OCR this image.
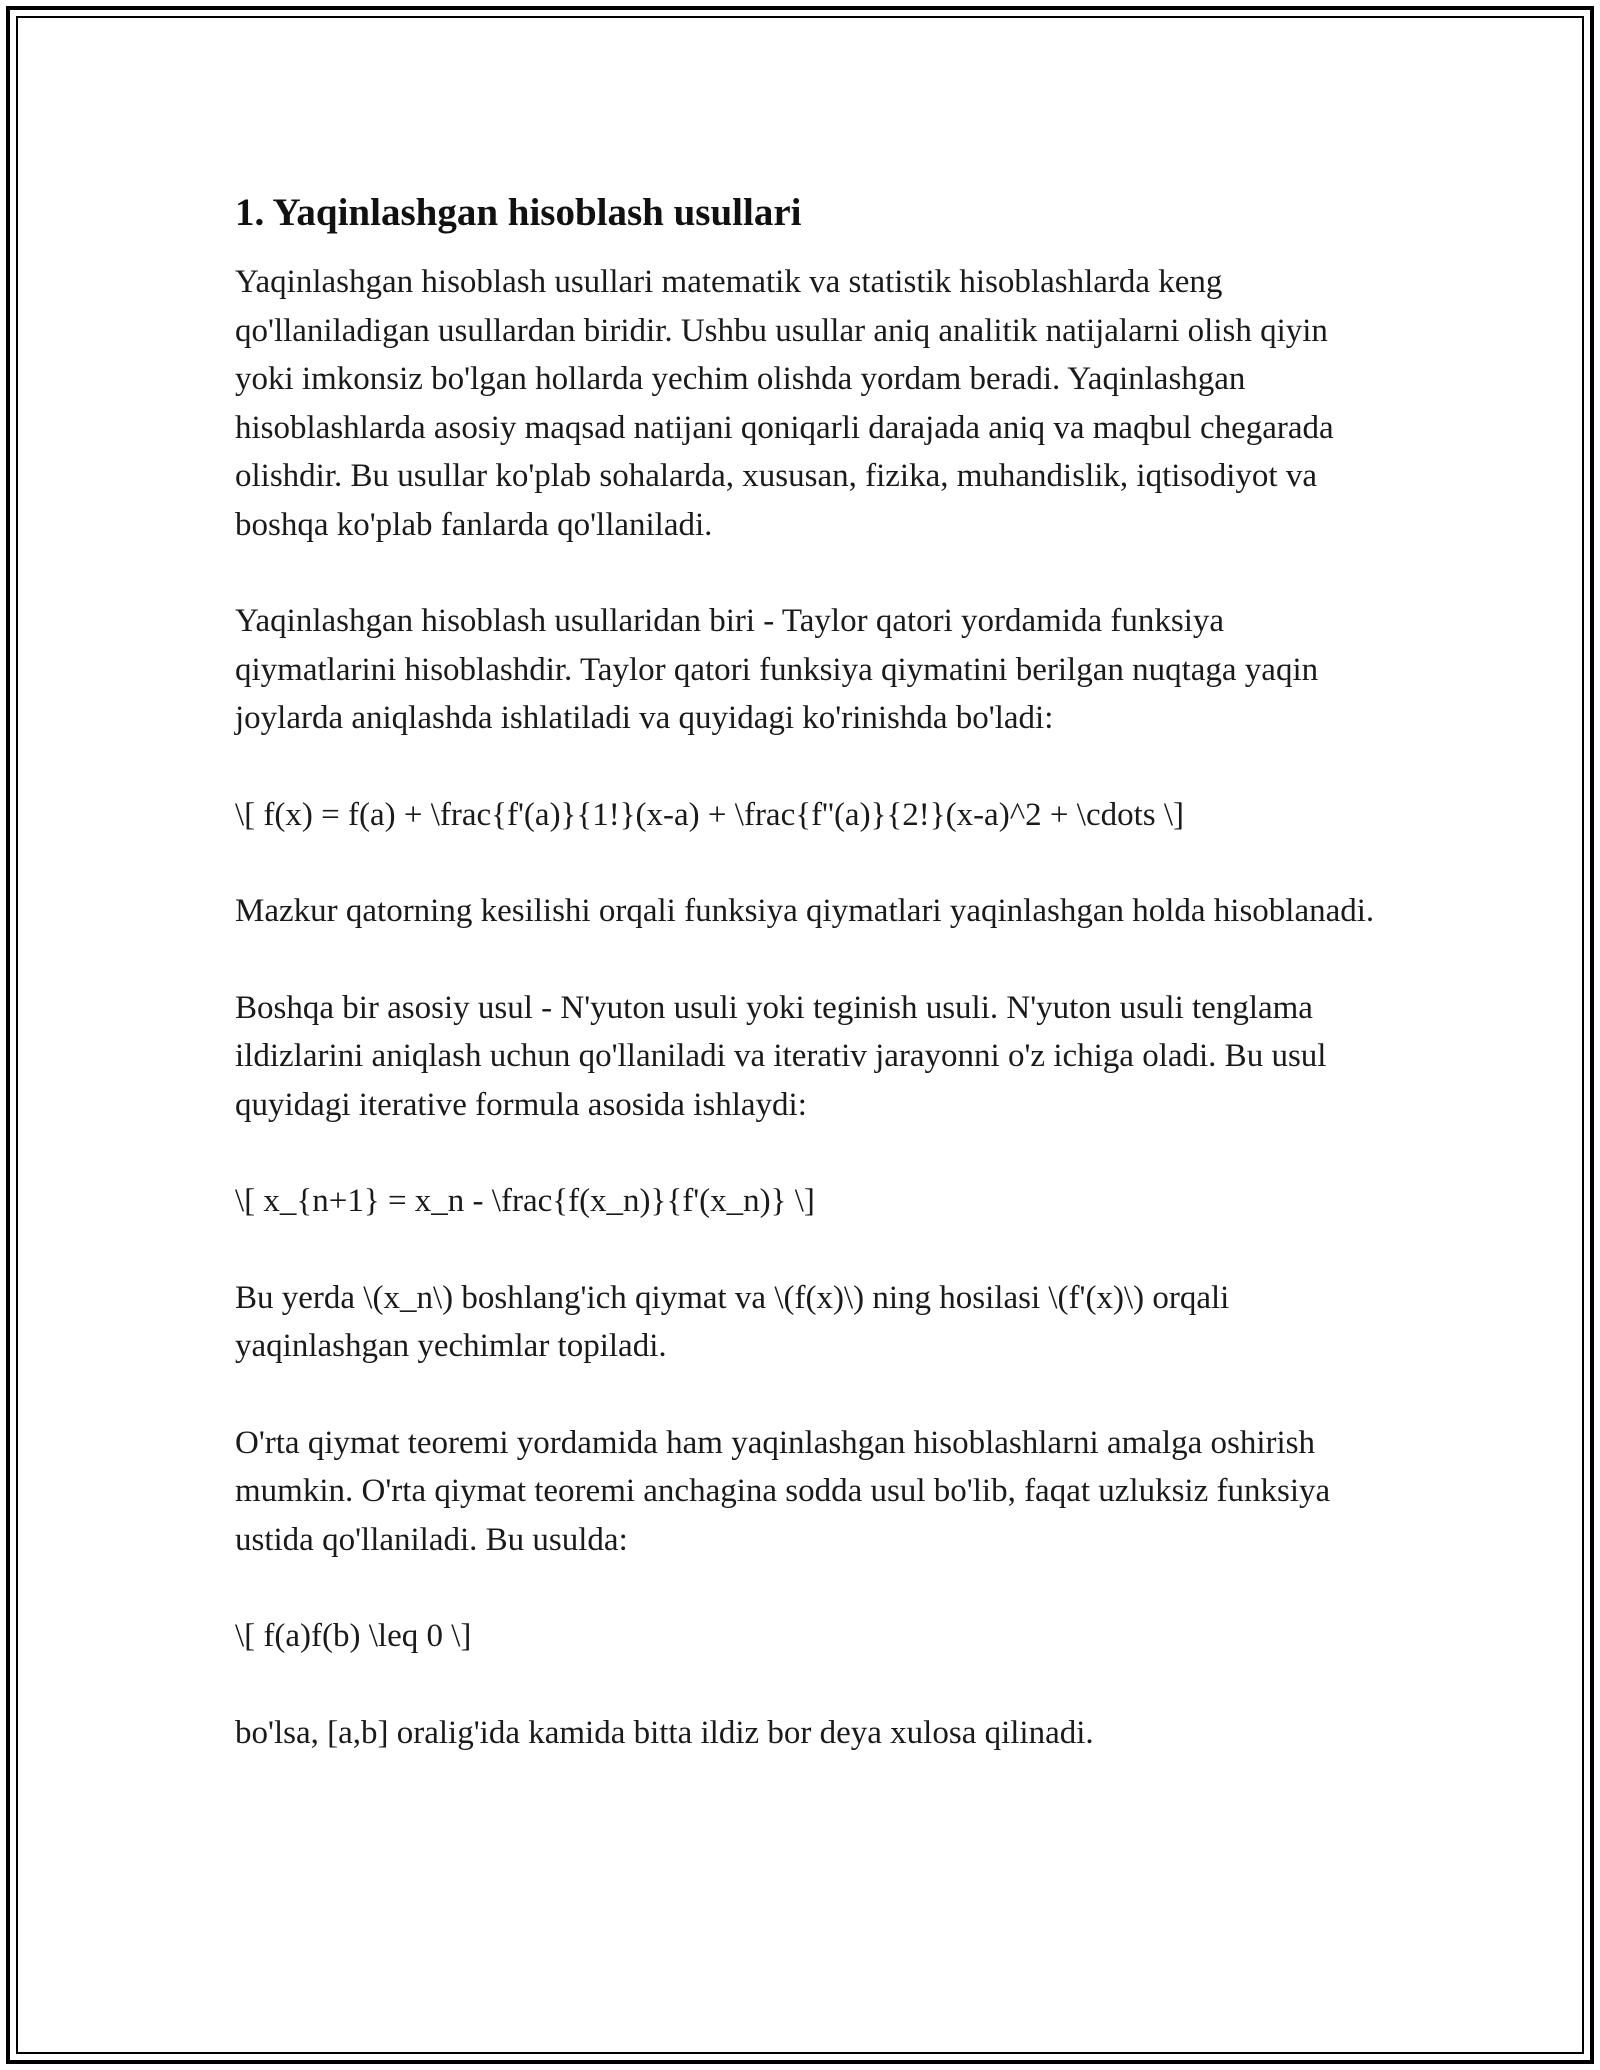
1. Yaqinlashgan hisoblash usullari

Yaqinlashgan hisoblash usullari matematik va statistik hisoblashlarda keng qo'llaniladigan usullardan biridir. Ushbu usullar aniq analitik natijalarni olish qiyin yoki imkonsiz bo'lgan hollarda yechim olishda yordam beradi. Yaqinlashgan hisoblashlarda asosiy maqsad natijani qoniqarli darajada aniq va maqbul chegarada olishdir. Bu usullar ko'plab sohalarda, xususan, fizika, muhandislik, iqtisodiyot va boshqa ko'plab fanlarda qo'llaniladi.

Yaqinlashgan hisoblash usullaridan biri - Taylor qatori yordamida funksiya qiymatlarini hisoblashdir. Taylor qatori funksiya qiymatini berilgan nuqtaga yaqin joylarda aniqlashda ishlatiladi va quyidagi ko'rinishda bo'ladi:

\[ f(x) = f(a) + \frac{f'(a)}{1!}(x-a) + \frac{f''(a)}{2!}(x-a)^2 + \cdots \]

Mazkur qatorning kesilishi orqali funksiya qiymatlari yaqinlashgan holda hisoblanadi.

Boshqa bir asosiy usul - N'yuton usuli yoki teginish usuli. N'yuton usuli tenglama ildizlarini aniqlash uchun qo'llaniladi va iterativ jarayonni o'z ichiga oladi. Bu usul quyidagi iterative formula asosida ishlaydi:

\[ x_{n+1} = x_n - \frac{f(x_n)}{f'(x_n)} \]

Bu yerda \(x_n\) boshlang'ich qiymat va \(f(x)\) ning hosilasi \(f'(x)\) orqali yaqinlashgan yechimlar topiladi.

O'rta qiymat teoremi yordamida ham yaqinlashgan hisoblashlarni amalga oshirish mumkin. O'rta qiymat teoremi anchagina sodda usul bo'lib, faqat uzluksiz funksiya ustida qo'llaniladi. Bu usulda:

\[ f(a)f(b) \leq 0 \]

bo'lsa, [a,b] oralig'ida kamida bitta ildiz bor deya xulosa qilinadi.
